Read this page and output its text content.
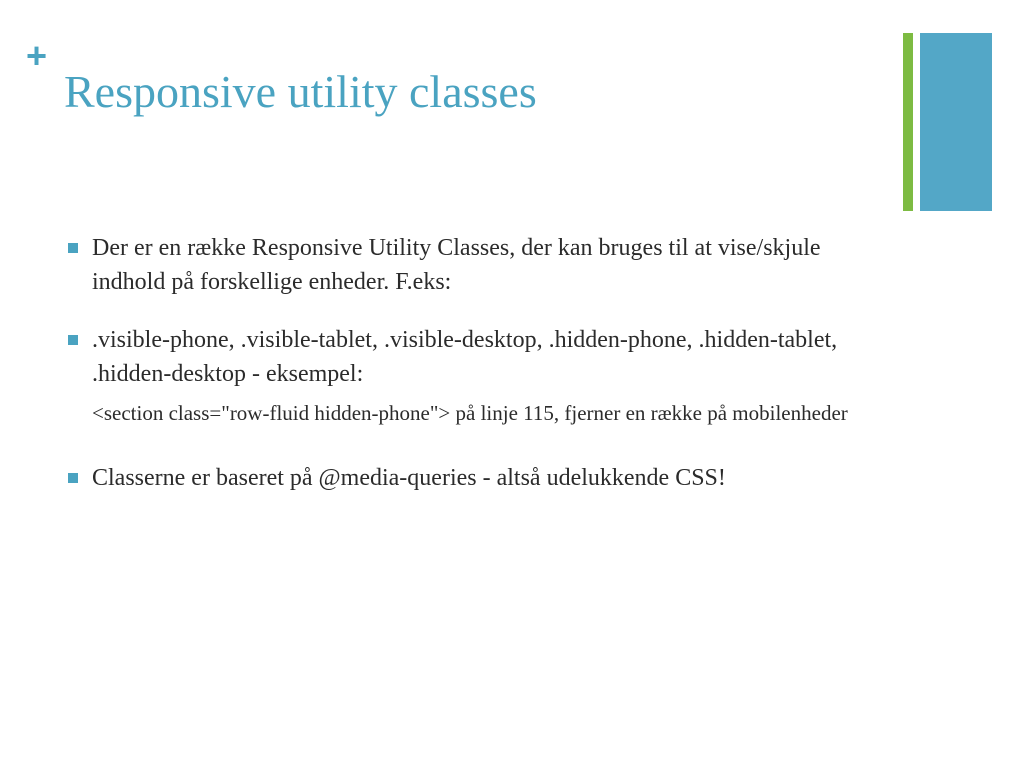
+
Responsive utility classes
Der er en række Responsive Utility Classes, der kan bruges til at vise/skjule indhold på forskellige enheder. F.eks:
.visible-phone, .visible-tablet, .visible-desktop, .hidden-phone, .hidden-tablet, .hidden-desktop - eksempel:
<section class="row-fluid hidden-phone"> på linje 115, fjerner en række på mobilenheder
Classerne er baseret på @media-queries - altså udelukkende CSS!
